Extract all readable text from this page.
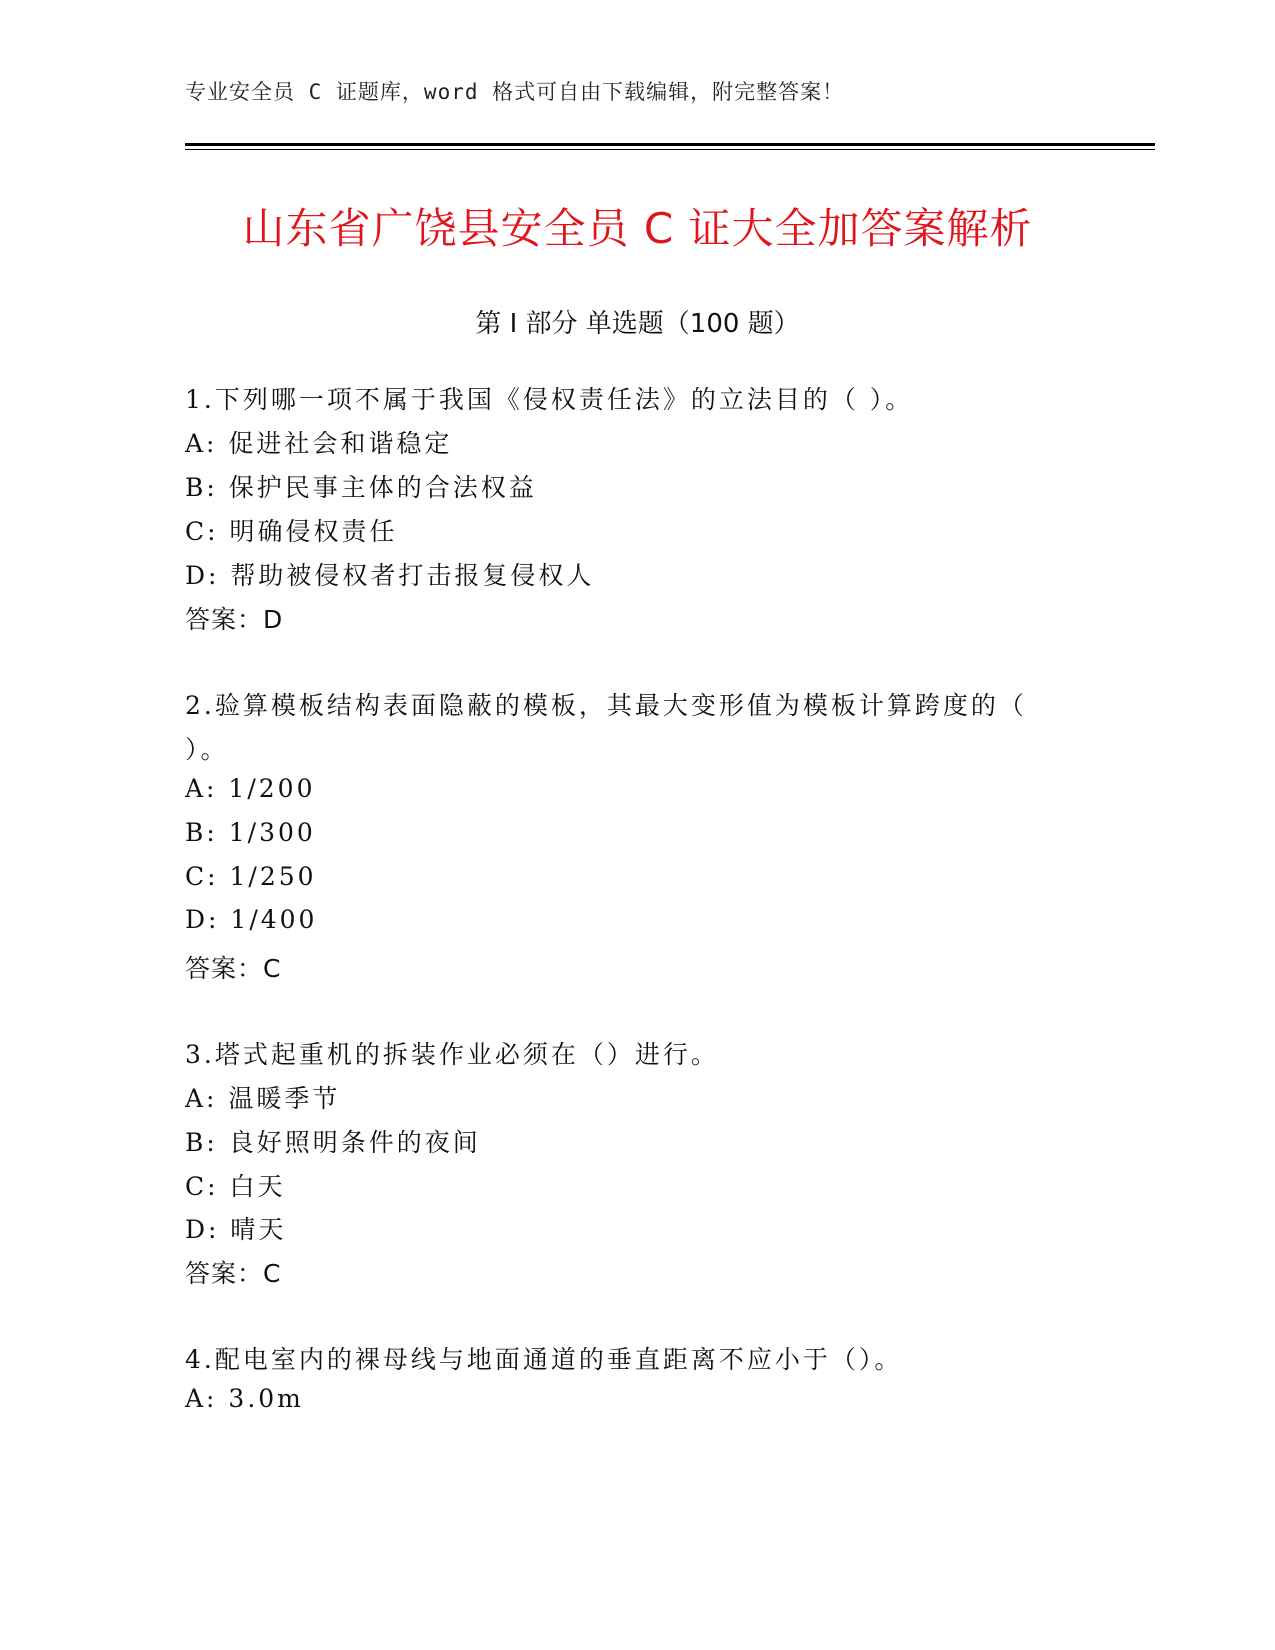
专业安全员 C 证题库，word 格式可自由下载编辑，附完整答案！
山东省广饶县安全员 C 证大全加答案解析
第 I 部分 单选题（100 题）
1.下列哪一项不属于我国《侵权责任法》的立法目的（ ）。
A: 促进社会和谐稳定
B: 保护民事主体的合法权益
C: 明确侵权责任
D: 帮助被侵权者打击报复侵权人
答案：D
2.验算模板结构表面隐蔽的模板，其最大变形值为模板计算跨度的（
）。
A: 1/200
B: 1/300
C: 1/250
D: 1/400
答案：C
3.塔式起重机的拆装作业必须在（）进行。
A: 温暖季节
B: 良好照明条件的夜间
C: 白天
D: 晴天
答案：C
4.配电室内的裸母线与地面通道的垂直距离不应小于（）。
A: 3.0m
